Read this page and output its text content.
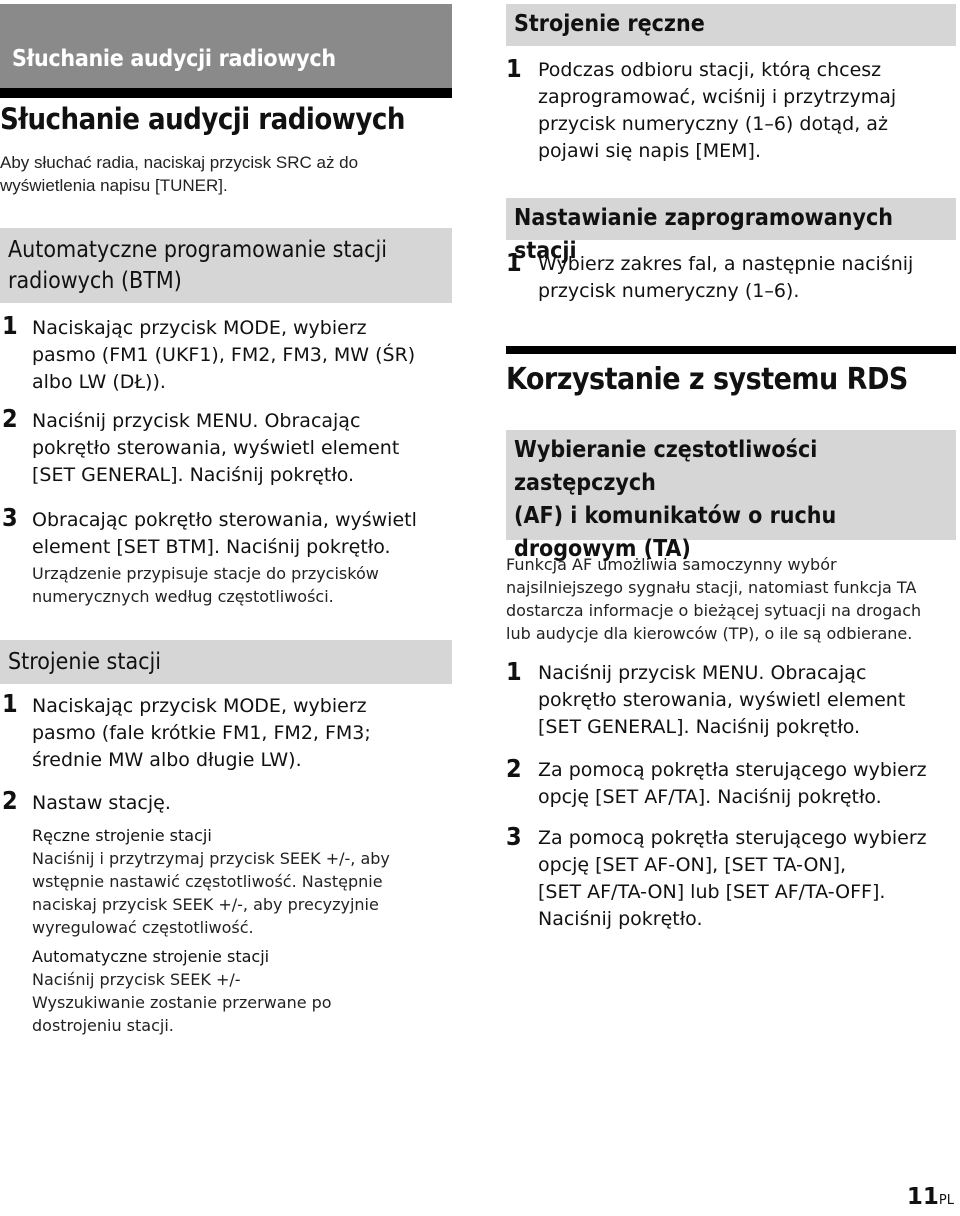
Słuchanie audycji radiowych
Słuchanie audycji radiowych
Aby słuchać radia, naciskaj przycisk SRC aż do wyświetlenia napisu [TUNER].
Automatyczne programowanie stacji
radiowych (BTM)
1 Naciskając przycisk MODE, wybierz
pasmo (FM1 (UKF1), FM2, FM3, MW (ŚR)
albo LW (DŁ)).
2 Naciśnij przycisk MENU. Obracając
pokrętło sterowania, wyświetl element
[SET GENERAL]. Naciśnij pokrętło.
3 Obracając pokrętło sterowania, wyświetl
element [SET BTM]. Naciśnij pokrętło.
Urządzenie przypisuje stacje do przycisków
numerycznych według częstotliwości.
Strojenie stacji
1 Naciskając przycisk MODE, wybierz
pasmo (fale krótkie FM1, FM2, FM3;
średnie MW albo długie LW).
2 Nastaw stację.
Ręczne strojenie stacji
Naciśnij i przytrzymaj przycisk SEEK +/-, aby
wstępnie nastawić częstotliwość. Następnie
naciskaj przycisk SEEK +/-, aby precyzyjnie
wyregulować częstotliwość.
Automatyczne strojenie stacji
Naciśnij przycisk SEEK +/-
Wyszukiwanie zostanie przerwane po
dostrojeniu stacji.
Strojenie ręczne
1 Podczas odbioru stacji, którą chcesz
zaprogramować, wciśnij i przytrzymaj
przycisk numeryczny (1–6) dotąd, aż
pojawi się napis [MEM].
Nastawianie zaprogramowanych stacji
1 Wybierz zakres fal, a następnie naciśnij
przycisk numeryczny (1–6).
Korzystanie z systemu RDS
Wybieranie częstotliwości zastępczych
(AF) i komunikatów o ruchu
drogowym (TA)
Funkcja AF umożliwia samoczynny wybór
najsilniejszego sygnału stacji, natomiast funkcja TA
dostarcza informacje o bieżącej sytuacji na drogach
lub audycje dla kierowców (TP), o ile są odbierane.
1 Naciśnij przycisk MENU. Obracając
pokrętło sterowania, wyświetl element
[SET GENERAL]. Naciśnij pokrętło.
2 Za pomocą pokrętła sterującego wybierz
opcję [SET AF/TA]. Naciśnij pokrętło.
3 Za pomocą pokrętła sterującego wybierz
opcję [SET AF-ON], [SET TA-ON],
[SET AF/TA-ON] lub [SET AF/TA-OFF].
Naciśnij pokrętło.
11PL
